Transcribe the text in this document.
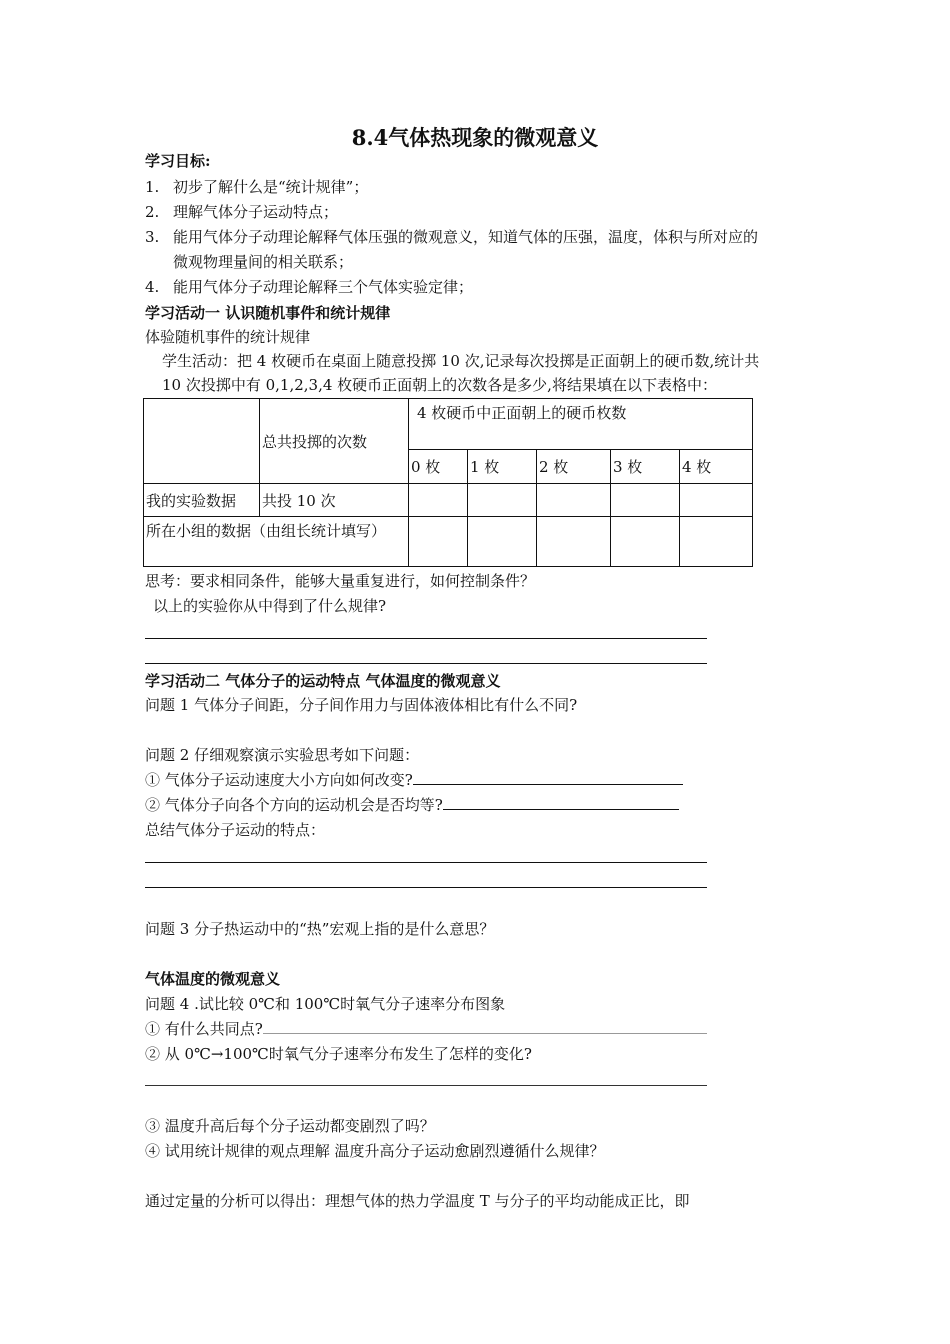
8.4气体热现象的微观意义
学习目标:
1. 初步了解什么是“统计规律”；
2. 理解气体分子运动特点；
3. 能用气体分子动理论解释气体压强的微观意义，知道气体的压强，温度，体积与所对应的
微观物理量间的相关联系；
4. 能用气体分子动理论解释三个气体实验定律；
学习活动一 认识随机事件和统计规律
体验随机事件的统计规律
学生活动：把 4 枚硬币在桌面上随意投掷 10 次,记录每次投掷是正面朝上的硬币数,统计共
10 次投掷中有 0,1,2,3,4 枚硬币正面朝上的次数各是多少,将结果填在以下表格中：
	总共投掷的次数	4 枚硬币中正面朝上的硬币枚数				
		0 枚	1 枚	2 枚	3 枚	4 枚
我的实验数据	共投 10 次					
所在小组的数据（由组长统计填写）						
思考：要求相同条件，能够大量重复进行，如何控制条件？
以上的实验你从中得到了什么规律?
学习活动二 气体分子的运动特点 气体温度的微观意义
问题 1 气体分子间距，分子间作用力与固体液体相比有什么不同?
问题 2 仔细观察演示实验思考如下问题：
① 气体分子运动速度大小方向如何改变?
② 气体分子向各个方向的运动机会是否均等?
总结气体分子运动的特点：
问题 3 分子热运动中的“热”宏观上指的是什么意思？
气体温度的微观意义
问题 4 .试比较 0℃和 100℃时氧气分子速率分布图象
① 有什么共同点?
② 从 0℃→100℃时氧气分子速率分布发生了怎样的变化?
③ 温度升高后每个分子运动都变剧烈了吗？
④ 试用统计规律的观点理解 温度升高分子运动愈剧烈遵循什么规律？
通过定量的分析可以得出：理想气体的热力学温度 T 与分子的平均动能成正比，即
